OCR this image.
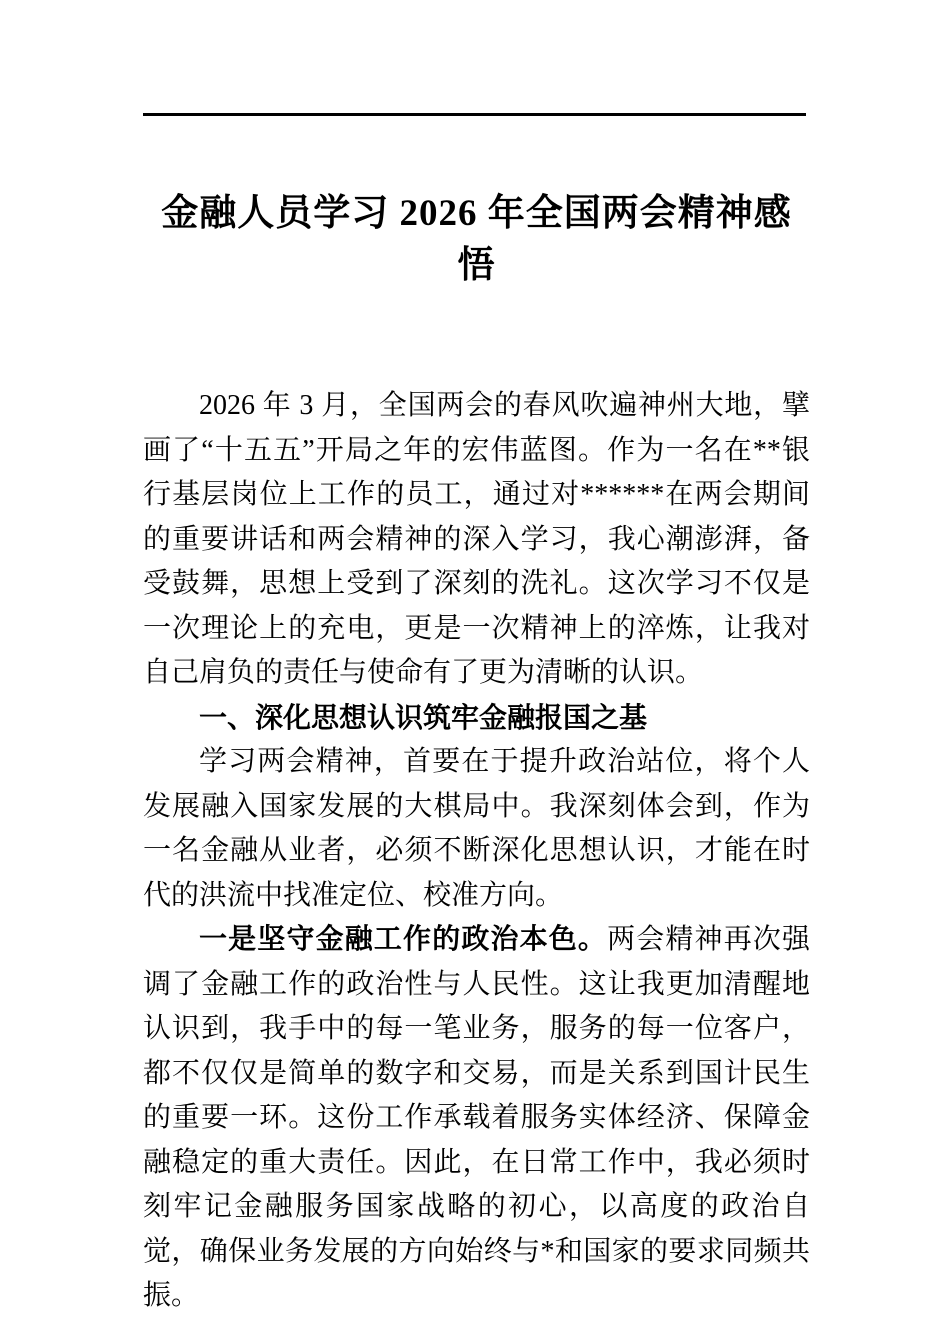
金融人员学习 2026 年全国两会精神感悟

2026 年 3 月，全国两会的春风吹遍神州大地，擘画了“十五五”开局之年的宏伟蓝图。作为一名在**银行基层岗位上工作的员工，通过对******在两会期间的重要讲话和两会精神的深入学习，我心潮澎湃，备受鼓舞，思想上受到了深刻的洗礼。这次学习不仅是一次理论上的充电，更是一次精神上的淬炼，让我对自己肩负的责任与使命有了更为清晰的认识。

一、深化思想认识筑牢金融报国之基

学习两会精神，首要在于提升政治站位，将个人发展融入国家发展的大棋局中。我深刻体会到，作为一名金融从业者，必须不断深化思想认识，才能在时代的洪流中找准定位、校准方向。

一是坚守金融工作的政治本色。两会精神再次强调了金融工作的政治性与人民性。这让我更加清醒地认识到，我手中的每一笔业务，服务的每一位客户，都不仅仅是简单的数字和交易，而是关系到国计民生的重要一环。这份工作承载着服务实体经济、保障金融稳定的重大责任。因此，在日常工作中，我必须时刻牢记金融服务国家战略的初心，以高度的政治自觉，确保业务发展的方向始终与*和国家的要求同频共振。
